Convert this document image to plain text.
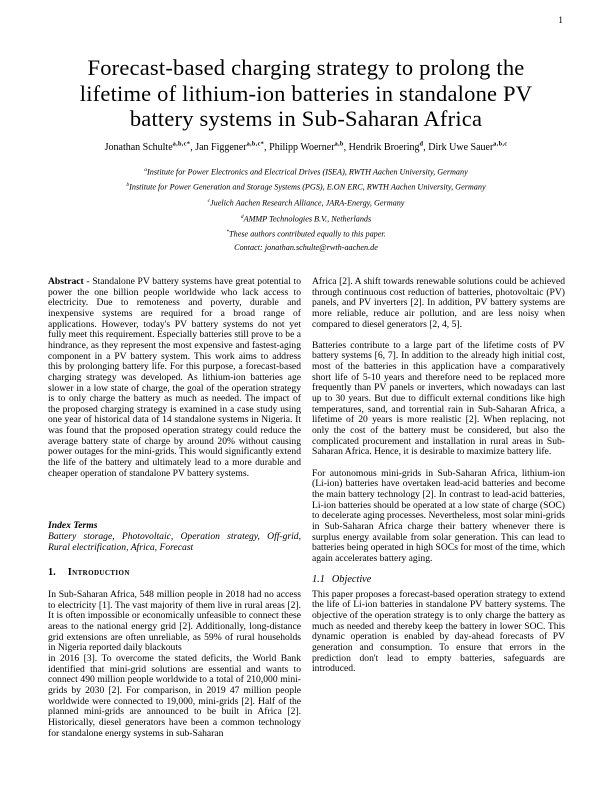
1
Forecast-based charging strategy to prolong the lifetime of lithium-ion batteries in standalone PV battery systems in Sub-Saharan Africa
Jonathan Schulte$^{a,b,c*}$, Jan Figgener$^{a,b,c*}$, Philipp Woerner$^{a,b}$, Hendrik Broering$^d$, Dirk Uwe Sauer$^{a,b,c}$
$^a$Institute for Power Electronics and Electrical Drives (ISEA), RWTH Aachen University, Germany
$^b$Institute for Power Generation and Storage Systems (PGS), E.ON ERC, RWTH Aachen University, Germany
$^c$Juelich Aachen Research Alliance, JARA-Energy, Germany
$^d$AMMP Technologies B.V., Netherlands
*These authors contributed equally to this paper.
Contact: jonathan.schulte@rwth-aachen.de

Abstract - Standalone PV battery systems have great potential to power the one billion people worldwide who lack access to electricity. Due to remoteness and poverty, durable and inexpensive systems are required for a broad range of applications. However, today's PV battery systems do not yet fully meet this requirement. Especially batteries still prove to be a hindrance, as they represent the most expensive and fastest-aging component in a PV battery system. This work aims to address this by prolonging battery life. For this purpose, a forecast-based charging strategy was developed. As lithium-ion batteries age slower in a low state of charge, the goal of the operation strategy is to only charge the battery as much as needed. The impact of the proposed charging strategy is examined in a case study using one year of historical data of 14 standalone systems in Nigeria. It was found that the proposed operation strategy could reduce the average battery state of charge by around 20% without causing power outages for the mini-grids. This would significantly extend the life of the battery and ultimately lead to a more durable and cheaper operation of standalone PV battery systems.

Index Terms
Battery storage, Photovoltaic, Operation strategy, Off-grid, Rural electrification, Africa, Forecast
1. Introduction

In Sub-Saharan Africa, 548 million people in 2018 had no access to electricity [1]. The vast majority of them live in rural areas [2]. It is often impossible or economically unfeasible to connect these areas to the national energy grid [2]. Additionally, long-distance grid extensions are often unreliable, as 59% of rural households in Nigeria reported daily blackouts
in 2016 [3]. To overcome the stated deficits, the World Bank identified that mini-grid solutions are essential and wants to connect 490 million people worldwide to a total of 210,000 mini-grids by 2030 [2]. For comparison, in 2019 47 million people worldwide were connected to 19,000, mini-grids [2]. Half of the planned mini-grids are announced to be built in Africa [2]. Historically, diesel generators have been a common technology for standalone energy systems in sub-Saharan

Africa [2]. A shift towards renewable solutions could be achieved through continuous cost reduction of batteries, photovoltaic (PV) panels, and PV inverters [2]. In addition, PV battery systems are more reliable, reduce air pollution, and are less noisy when compared to diesel generators [2, 4, 5].

Batteries contribute to a large part of the lifetime costs of PV battery systems [6, 7]. In addition to the already high initial cost, most of the batteries in this application have a comparatively short life of 5-10 years and therefore need to be replaced more frequently than PV panels or inverters, which nowadays can last up to 30 years. But due to difficult external conditions like high temperatures, sand, and torrential rain in Sub-Saharan Africa, a lifetime of 20 years is more realistic [2]. When replacing, not only the cost of the battery must be considered, but also the complicated procurement and installation in rural areas in Sub-Saharan Africa. Hence, it is desirable to maximize battery life.

For autonomous mini-grids in Sub-Saharan Africa, lithium-ion (Li-ion) batteries have overtaken lead-acid batteries and become the main battery technology [2]. In contrast to lead-acid batteries, Li-ion batteries should be operated at a low state of charge (SOC) to decelerate aging processes. Nevertheless, most solar mini-grids in Sub-Saharan Africa charge their battery whenever there is surplus energy available from solar generation. This can lead to batteries being operated in high SOCs for most of the time, which again accelerates battery aging.

1.1 Objective

This paper proposes a forecast-based operation strategy to extend the life of Li-ion batteries in standalone PV battery systems. The objective of the operation strategy is to only charge the battery as much as needed and thereby keep the battery in lower SOC. This dynamic operation is enabled by day-ahead forecasts of PV generation and consumption. To ensure that errors in the prediction don't lead to empty batteries, safeguards are introduced.
